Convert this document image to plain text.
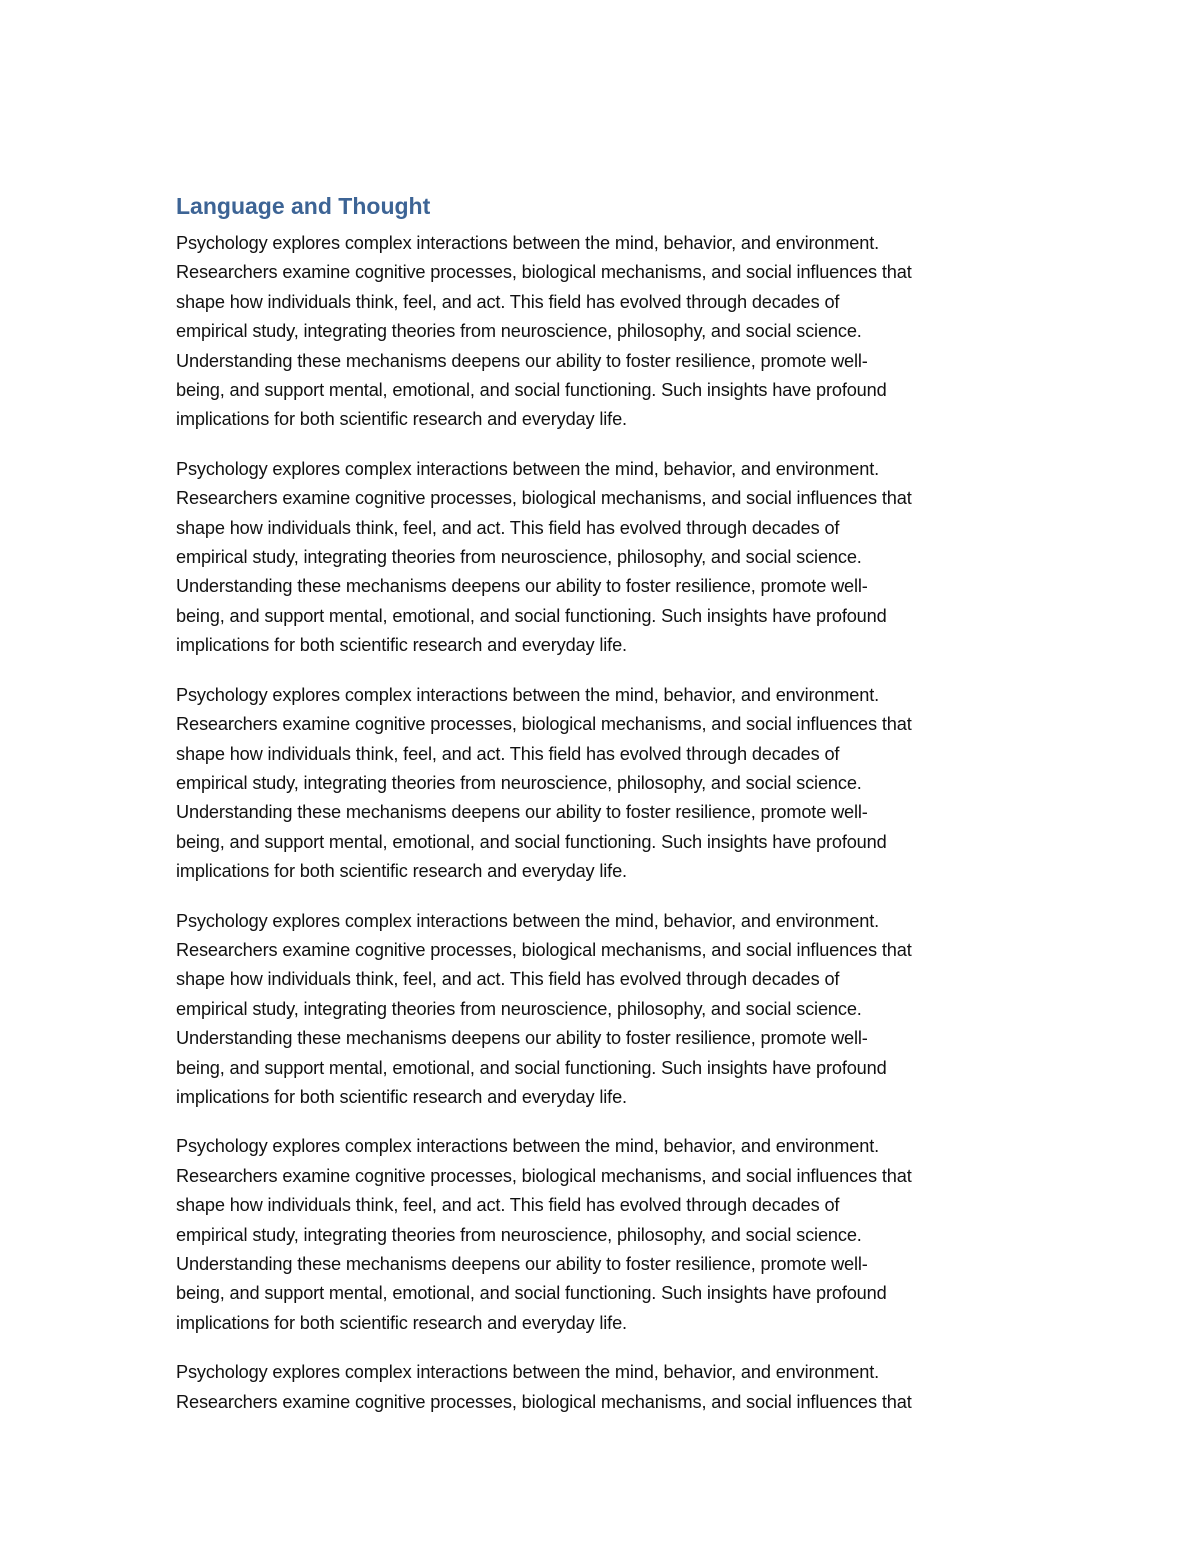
Language and Thought

Psychology explores complex interactions between the mind, behavior, and environment.
Researchers examine cognitive processes, biological mechanisms, and social influences that
shape how individuals think, feel, and act. This field has evolved through decades of
empirical study, integrating theories from neuroscience, philosophy, and social science.
Understanding these mechanisms deepens our ability to foster resilience, promote well-
being, and support mental, emotional, and social functioning. Such insights have profound
implications for both scientific research and everyday life.

Psychology explores complex interactions between the mind, behavior, and environment.
Researchers examine cognitive processes, biological mechanisms, and social influences that
shape how individuals think, feel, and act. This field has evolved through decades of
empirical study, integrating theories from neuroscience, philosophy, and social science.
Understanding these mechanisms deepens our ability to foster resilience, promote well-
being, and support mental, emotional, and social functioning. Such insights have profound
implications for both scientific research and everyday life.

Psychology explores complex interactions between the mind, behavior, and environment.
Researchers examine cognitive processes, biological mechanisms, and social influences that
shape how individuals think, feel, and act. This field has evolved through decades of
empirical study, integrating theories from neuroscience, philosophy, and social science.
Understanding these mechanisms deepens our ability to foster resilience, promote well-
being, and support mental, emotional, and social functioning. Such insights have profound
implications for both scientific research and everyday life.

Psychology explores complex interactions between the mind, behavior, and environment.
Researchers examine cognitive processes, biological mechanisms, and social influences that
shape how individuals think, feel, and act. This field has evolved through decades of
empirical study, integrating theories from neuroscience, philosophy, and social science.
Understanding these mechanisms deepens our ability to foster resilience, promote well-
being, and support mental, emotional, and social functioning. Such insights have profound
implications for both scientific research and everyday life.

Psychology explores complex interactions between the mind, behavior, and environment.
Researchers examine cognitive processes, biological mechanisms, and social influences that
shape how individuals think, feel, and act. This field has evolved through decades of
empirical study, integrating theories from neuroscience, philosophy, and social science.
Understanding these mechanisms deepens our ability to foster resilience, promote well-
being, and support mental, emotional, and social functioning. Such insights have profound
implications for both scientific research and everyday life.

Psychology explores complex interactions between the mind, behavior, and environment.
Researchers examine cognitive processes, biological mechanisms, and social influences that
